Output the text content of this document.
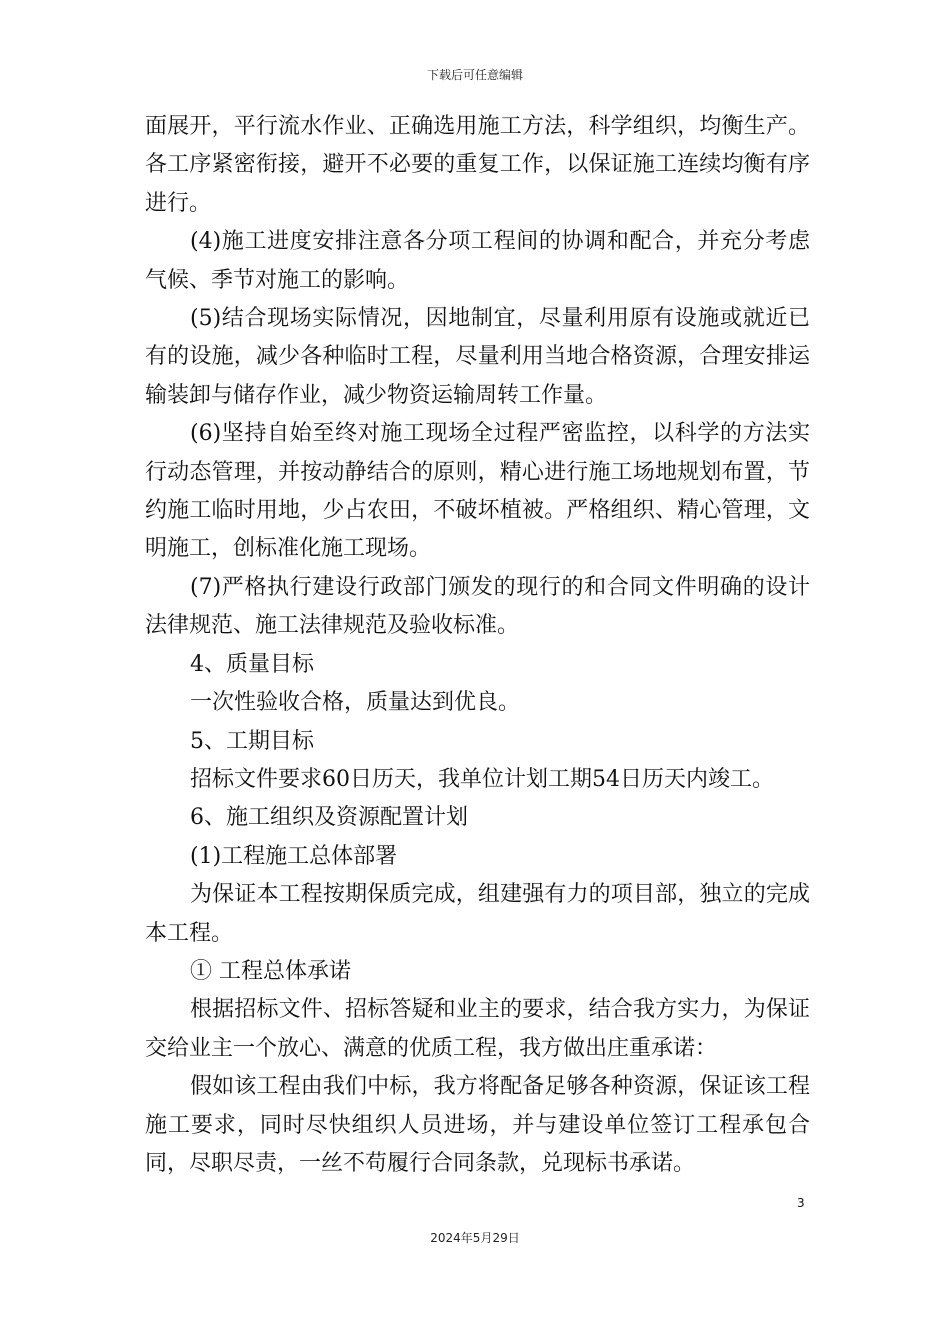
下载后可任意编辑

面展开，平行流水作业、正确选用施工方法，科学组织，均衡生产。各工序紧密衔接，避开不必要的重复工作，以保证施工连续均衡有序进行。

(4)施工进度安排注意各分项工程间的协调和配合，并充分考虑气候、季节对施工的影响。

(5)结合现场实际情况，因地制宜，尽量利用原有设施或就近已有的设施，减少各种临时工程，尽量利用当地合格资源，合理安排运输装卸与储存作业，减少物资运输周转工作量。

(6)坚持自始至终对施工现场全过程严密监控，以科学的方法实行动态管理，并按动静结合的原则，精心进行施工场地规划布置，节约施工临时用地，少占农田，不破坏植被。严格组织、精心管理，文明施工，创标准化施工现场。

(7)严格执行建设行政部门颁发的现行的和合同文件明确的设计法律规范、施工法律规范及验收标准。

4、质量目标

一次性验收合格，质量达到优良。

5、工期目标

招标文件要求60日历天，我单位计划工期54日历天内竣工。

6、施工组织及资源配置计划

(1)工程施工总体部署

为保证本工程按期保质完成，组建强有力的项目部，独立的完成本工程。

① 工程总体承诺

根据招标文件、招标答疑和业主的要求，结合我方实力，为保证交给业主一个放心、满意的优质工程，我方做出庄重承诺：

假如该工程由我们中标，我方将配备足够各种资源，保证该工程施工要求，同时尽快组织人员进场，并与建设单位签订工程承包合同，尽职尽责，一丝不苟履行合同条款，兑现标书承诺。

3
2024年5月29日
